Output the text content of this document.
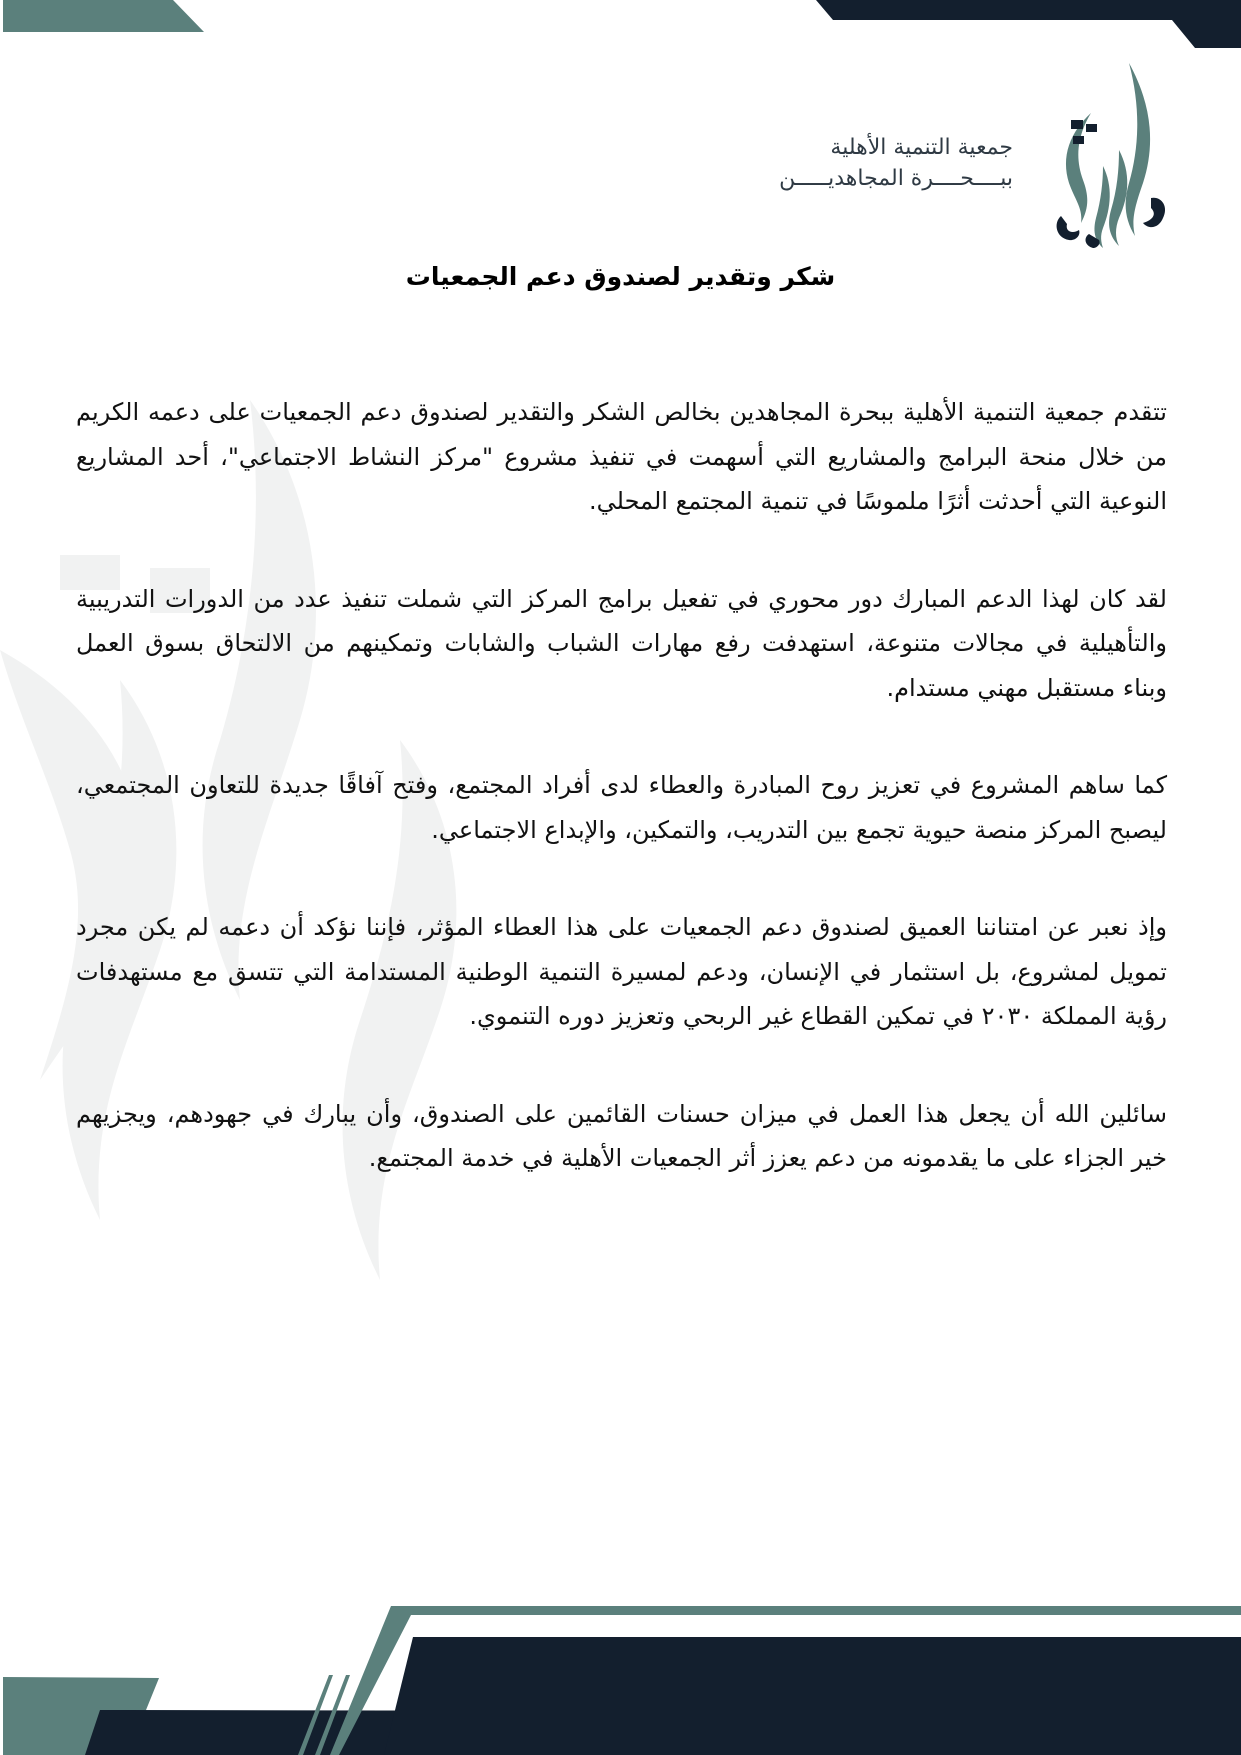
جمعية التنمية الأهلية
ببــــحــــرة المجاهديـــــن
شكر وتقدير لصندوق دعم الجمعيات

تتقدم جمعية التنمية الأهلية ببحرة المجاهدين بخالص الشكر والتقدير لصندوق دعم الجمعيات على دعمه الكريم من خلال منحة البرامج والمشاريع التي أسهمت في تنفيذ مشروع "مركز النشاط الاجتماعي"، أحد المشاريع النوعية التي أحدثت أثرًا ملموسًا في تنمية المجتمع المحلي.

لقد كان لهذا الدعم المبارك دور محوري في تفعيل برامج المركز التي شملت تنفيذ عدد من الدورات التدريبية والتأهيلية في مجالات متنوعة، استهدفت رفع مهارات الشباب والشابات وتمكينهم من الالتحاق بسوق العمل وبناء مستقبل مهني مستدام.

كما ساهم المشروع في تعزيز روح المبادرة والعطاء لدى أفراد المجتمع، وفتح آفاقًا جديدة للتعاون المجتمعي، ليصبح المركز منصة حيوية تجمع بين التدريب، والتمكين، والإبداع الاجتماعي.

وإذ نعبر عن امتناننا العميق لصندوق دعم الجمعيات على هذا العطاء المؤثر، فإننا نؤكد أن دعمه لم يكن مجرد تمويل لمشروع، بل استثمار في الإنسان، ودعم لمسيرة التنمية الوطنية المستدامة التي تتسق مع مستهدفات رؤية المملكة ٢٠٣٠ في تمكين القطاع غير الربحي وتعزيز دوره التنموي.

سائلين الله أن يجعل هذا العمل في ميزان حسنات القائمين على الصندوق، وأن يبارك في جهودهم، ويجزيهم خير الجزاء على ما يقدمونه من دعم يعزز أثر الجمعيات الأهلية في خدمة المجتمع.
